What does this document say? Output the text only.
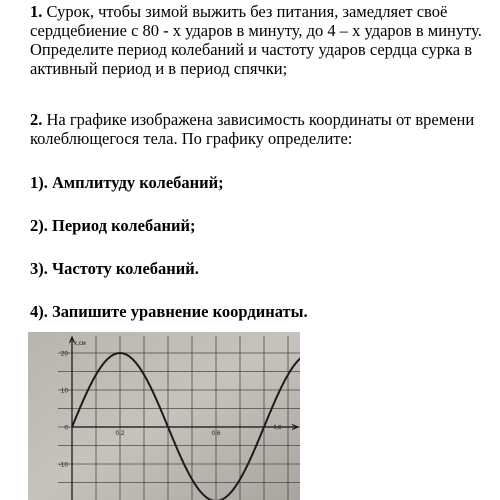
1. Сурок, чтобы зимой выжить без питания, замедляет своё сердцебиение с 80 - х ударов в минуту, до 4 – х ударов в минуту. Определите период колебаний и частоту ударов сердца сурка в активный период и в период спячки;
2. На графике изображена зависимость координаты от времени колеблющегося тела. По графику определите:
1). Амплитуду колебаний;
2). Период колебаний;
3). Частоту колебаний.
4). Запишите уравнение координаты.
20
10
0
-10
0,2	0,6
x,см
t,с
